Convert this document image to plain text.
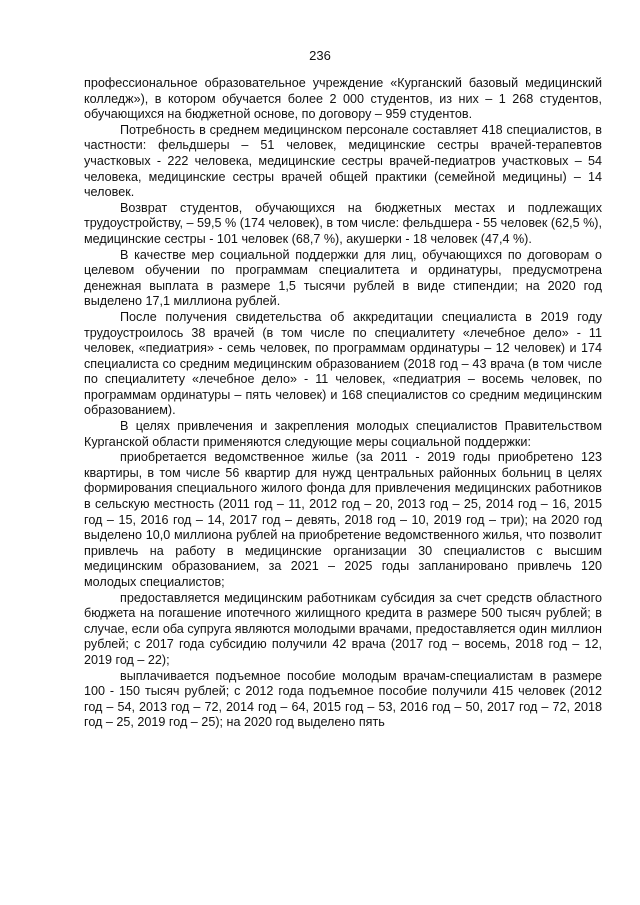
236

профессиональное образовательное учреждение «Курганский базовый медицинский колледж»), в котором обучается более 2 000 студентов, из них – 1 268 студентов, обучающихся на бюджетной основе, по договору – 959 студентов.

Потребность в среднем медицинском персонале составляет 418 специалистов, в частности: фельдшеры – 51 человек, медицинские сестры врачей-терапевтов участковых - 222 человека, медицинские сестры врачей-педиатров участковых – 54 человека, медицинские сестры врачей общей практики (семейной медицины) – 14 человек.

Возврат студентов, обучающихся на бюджетных местах и подлежащих трудоустройству, – 59,5 % (174 человек), в том числе: фельдшера - 55 человек (62,5 %), медицинские сестры - 101 человек (68,7 %), акушерки - 18 человек (47,4 %).

В качестве мер социальной поддержки для лиц, обучающихся по договорам о целевом обучении по программам специалитета и ординатуры, предусмотрена денежная выплата в размере 1,5 тысячи рублей в виде стипендии; на 2020 год выделено 17,1 миллиона рублей.

После получения свидетельства об аккредитации специалиста в 2019 году трудоустроилось 38 врачей (в том числе по специалитету «лечебное дело» - 11 человек, «педиатрия» - семь человек, по программам ординатуры – 12 человек) и 174 специалиста со средним медицинским образованием (2018 год – 43 врача (в том числе по специалитету «лечебное дело» - 11 человек, «педиатрия – восемь человек, по программам ординатуры – пять человек) и 168 специалистов со средним медицинским образованием).

В целях привлечения и закрепления молодых специалистов Правительством Курганской области применяются следующие меры социальной поддержки:

приобретается ведомственное жилье (за 2011 - 2019 годы приобретено 123 квартиры, в том числе 56 квартир для нужд центральных районных больниц в целях формирования специального жилого фонда для привлечения медицинских работников в сельскую местность (2011 год – 11, 2012 год – 20, 2013 год – 25, 2014 год – 16, 2015 год – 15, 2016 год – 14, 2017 год – девять, 2018 год – 10, 2019 год – три); на 2020 год выделено 10,0 миллиона рублей на приобретение ведомственного жилья, что позволит привлечь на работу в медицинские организации 30 специалистов с высшим медицинским образованием, за 2021 – 2025 годы запланировано привлечь 120 молодых специалистов;

предоставляется медицинским работникам субсидия за счет средств областного бюджета на погашение ипотечного жилищного кредита в размере 500 тысяч рублей; в случае, если оба супруга являются молодыми врачами, предоставляется один миллион рублей; с 2017 года субсидию получили 42 врача (2017 год – восемь, 2018 год – 12, 2019 год – 22);

выплачивается подъемное пособие молодым врачам-специалистам в размере 100 - 150 тысяч рублей; с 2012 года подъемное пособие получили 415 человек (2012 год – 54, 2013 год – 72, 2014 год – 64, 2015 год – 53, 2016 год – 50, 2017 год – 72, 2018 год – 25, 2019 год – 25); на 2020 год выделено пять
